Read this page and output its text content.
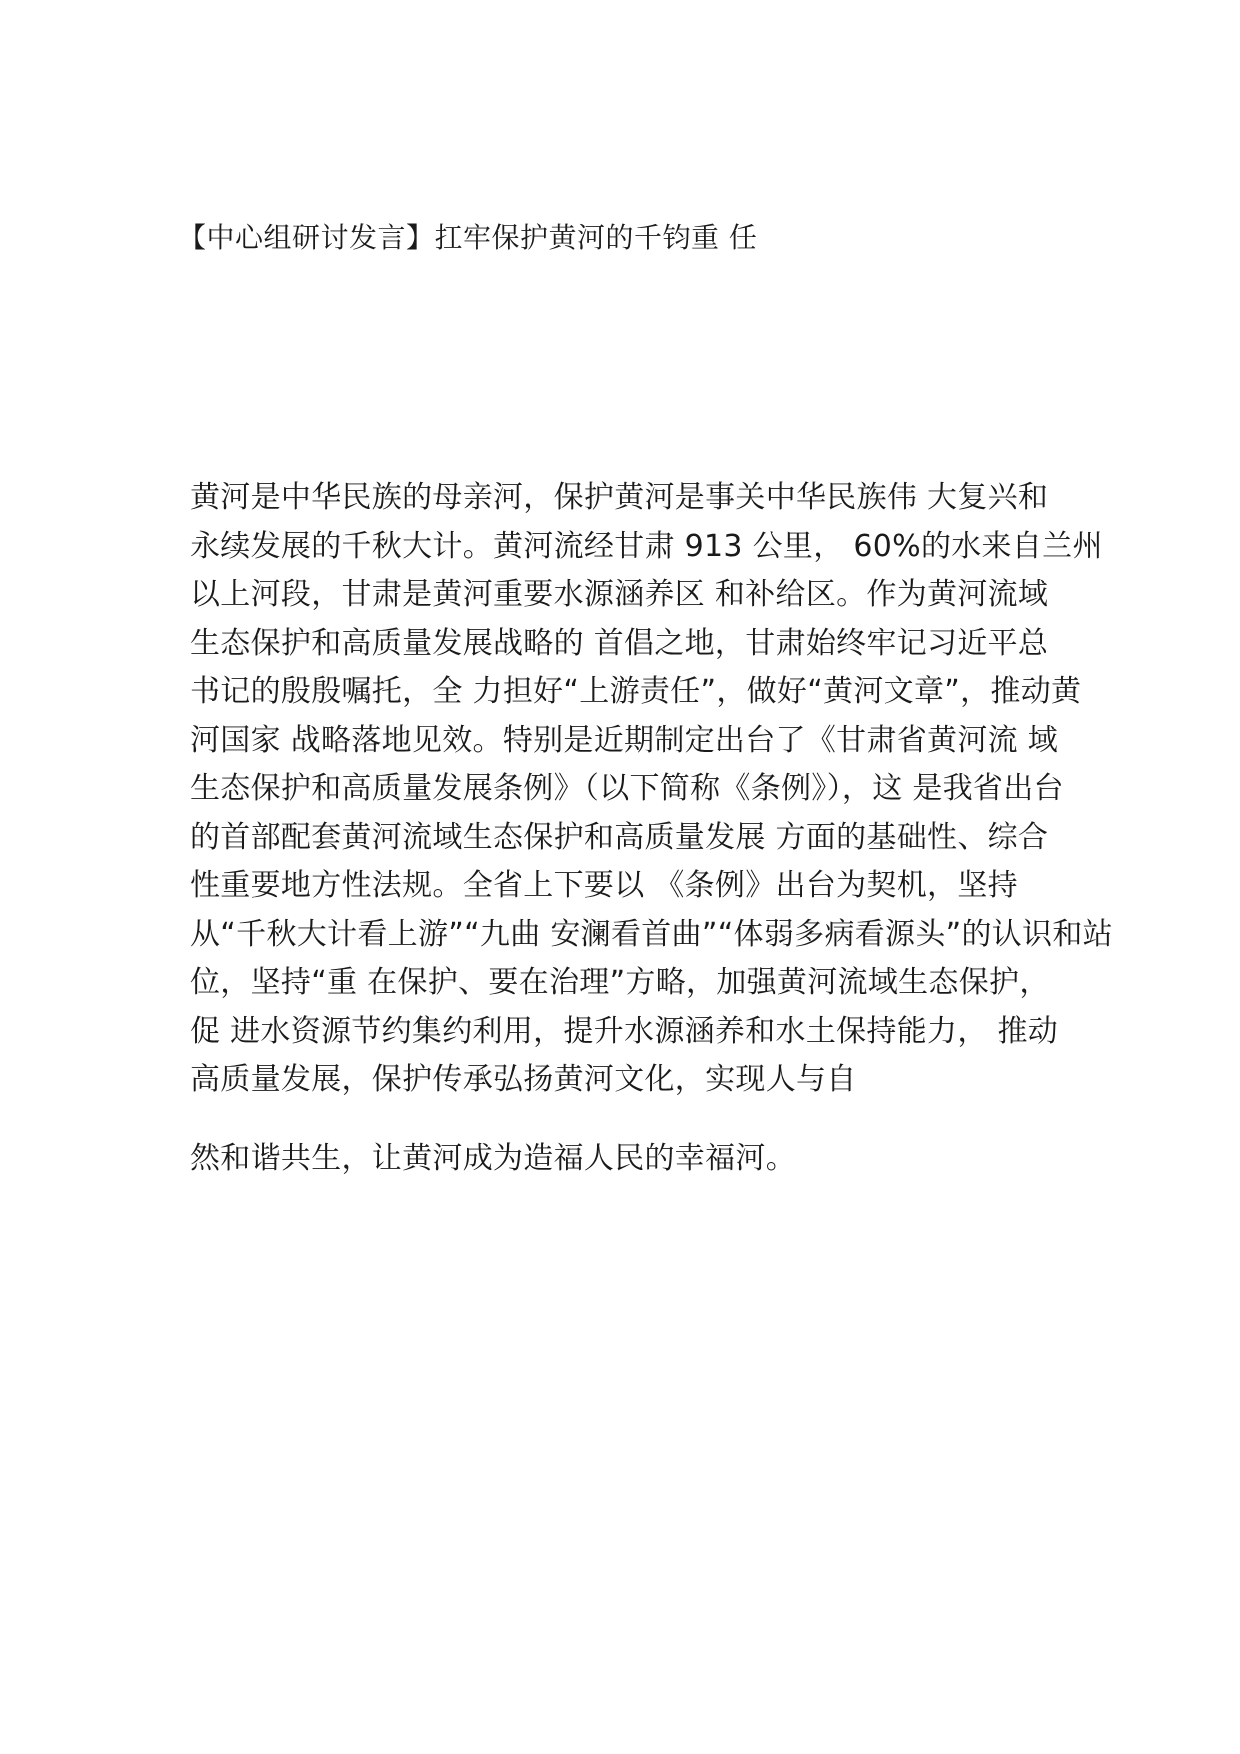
【中心组研讨发言】扛牢保护黄河的千钧重 任
黄河是中华民族的母亲河，保护黄河是事关中华民族伟 大复兴和
永续发展的千秋大计。黄河流经甘肃 913 公里， 60%的水来自兰州
以上河段，甘肃是黄河重要水源涵养区 和补给区。作为黄河流域
生态保护和高质量发展战略的 首倡之地，甘肃始终牢记习近平总
书记的殷殷嘱托，全 力担好“上游责任”，做好“黄河文章”，推动黄
河国家 战略落地见效。特别是近期制定出台了《甘肃省黄河流 域
生态保护和高质量发展条例》（以下简称《条例》），这 是我省出台
的首部配套黄河流域生态保护和高质量发展 方面的基础性、综合
性重要地方性法规。全省上下要以 《条例》出台为契机，坚持
从“千秋大计看上游”“九曲 安澜看首曲”“体弱多病看源头”的认识和站
位，坚持“重 在保护、要在治理”方略，加强黄河流域生态保护，
促 进水资源节约集约利用，提升水源涵养和水土保持能力， 推动
高质量发展，保护传承弘扬黄河文化，实现人与自

然和谐共生，让黄河成为造福人民的幸福河。
